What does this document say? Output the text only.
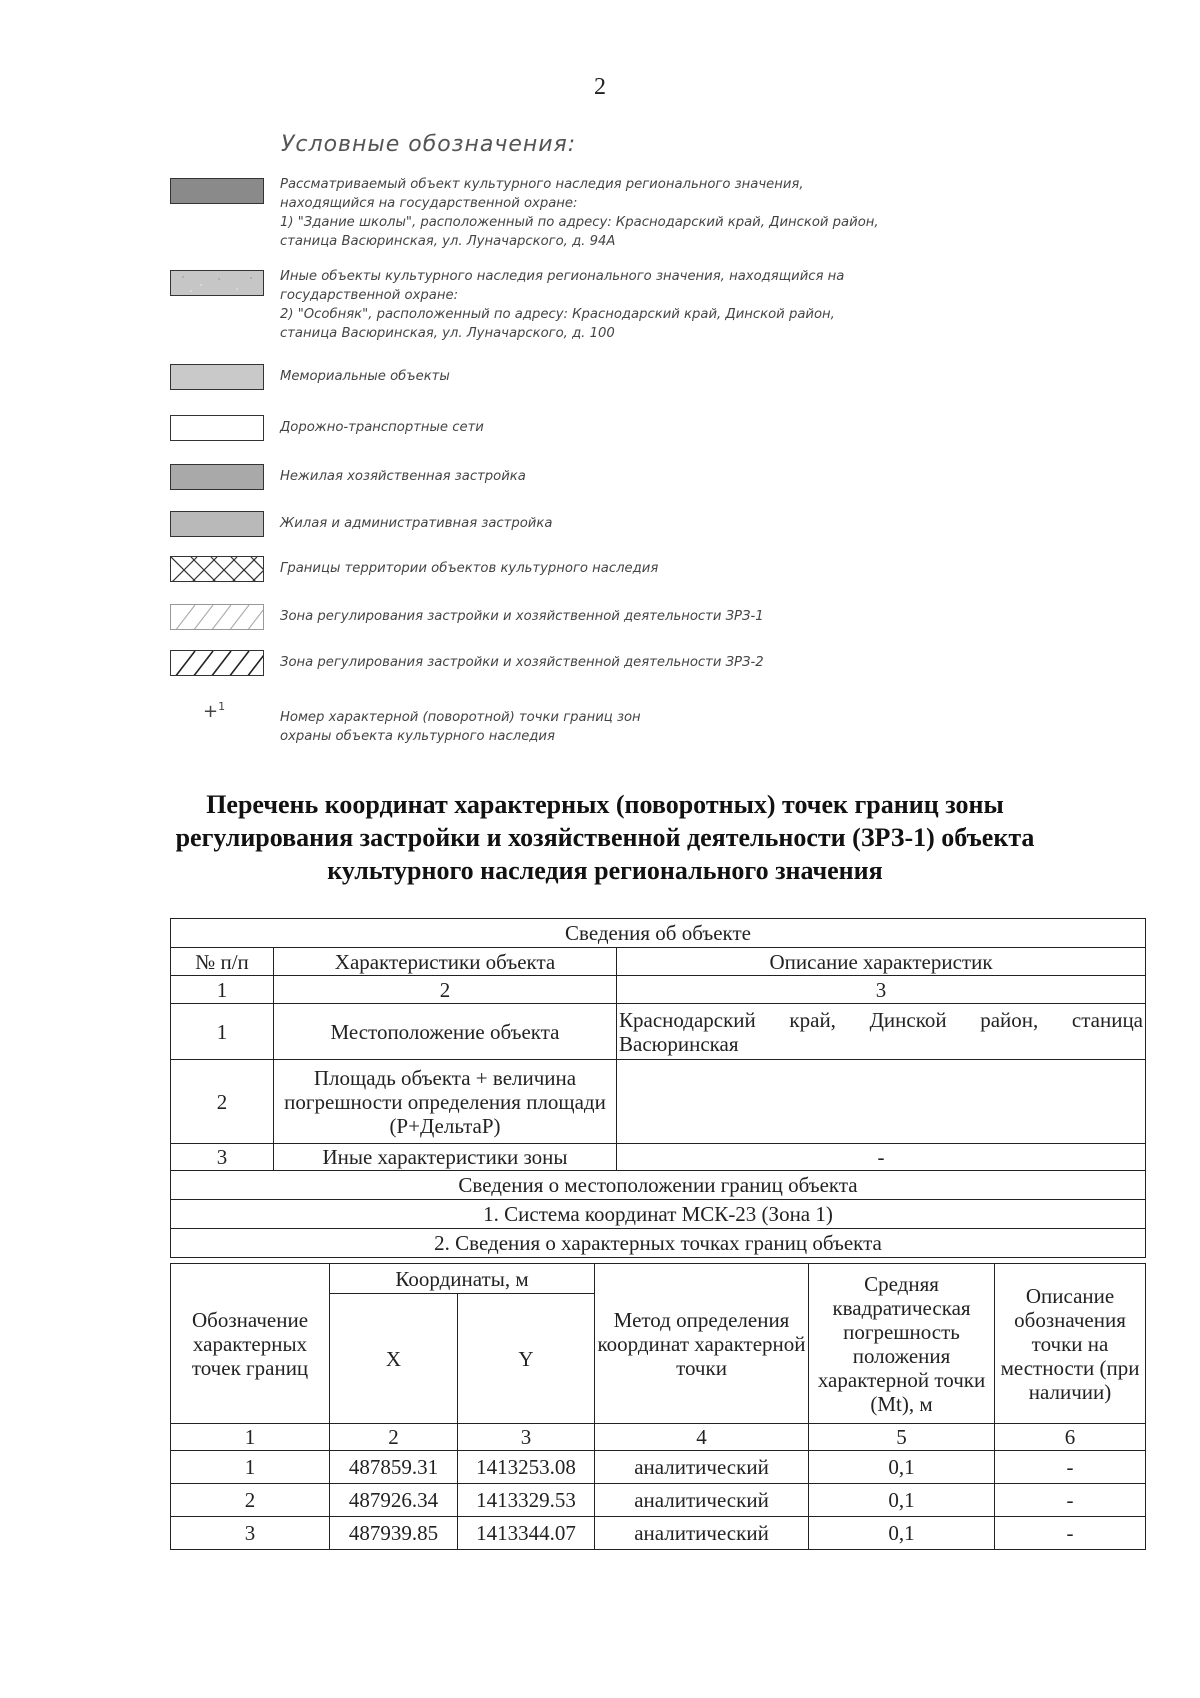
2
Условные обозначения:
Рассматриваемый объект культурного наследия регионального значения,
находящийся на государственной охране:
1) "Здание школы", расположенный по адресу: Краснодарский край, Динской район,
станица Васюринская, ул. Луначарского, д. 94А
Иные объекты культурного наследия регионального значения, находящийся на
государственной охране:
2) "Особняк", расположенный по адресу: Краснодарский край, Динской район,
станица Васюринская, ул. Луначарского, д. 100
Мемориальные объекты
Дорожно-транспортные сети
Нежилая хозяйственная застройка
Жилая и административная застройка
Границы территории объектов культурного наследия
Зона регулирования застройки и хозяйственной деятельности ЗРЗ-1
Зона регулирования застройки и хозяйственной деятельности ЗРЗ-2
+$^1$
Номер характерной (поворотной) точки границ зон
охраны объекта культурного наследия
Перечень координат характерных (поворотных) точек границ зоны
регулирования застройки и хозяйственной деятельности (ЗРЗ-1) объекта
культурного наследия регионального значения
Сведения об объекте		
№ п/п	Характеристики объекта	Описание характеристик
1	2	3
1	Местоположение объекта	Краснодарский край, Динской район, станица Васюринская
2	Площадь объекта + величина погрешности определения площади (Р+ДельтаР)	
3	Иные характеристики зоны	-
Сведения о местоположении границ объекта		
1. Система координат МСК-23 (Зона 1)		
2. Сведения о характерных точках границ объекта		
Обозначение характерных точек границ	Координаты, м		Метод определения координат характерной точки	Средняя квадратическая погрешность положения характерной точки (Mt), м	Описание обозначения точки на местности (при наличии)
	X	Y			
1	2	3	4	5	6
1	487859.31	1413253.08	аналитический	0,1	-
2	487926.34	1413329.53	аналитический	0,1	-
3	487939.85	1413344.07	аналитический	0,1	-
